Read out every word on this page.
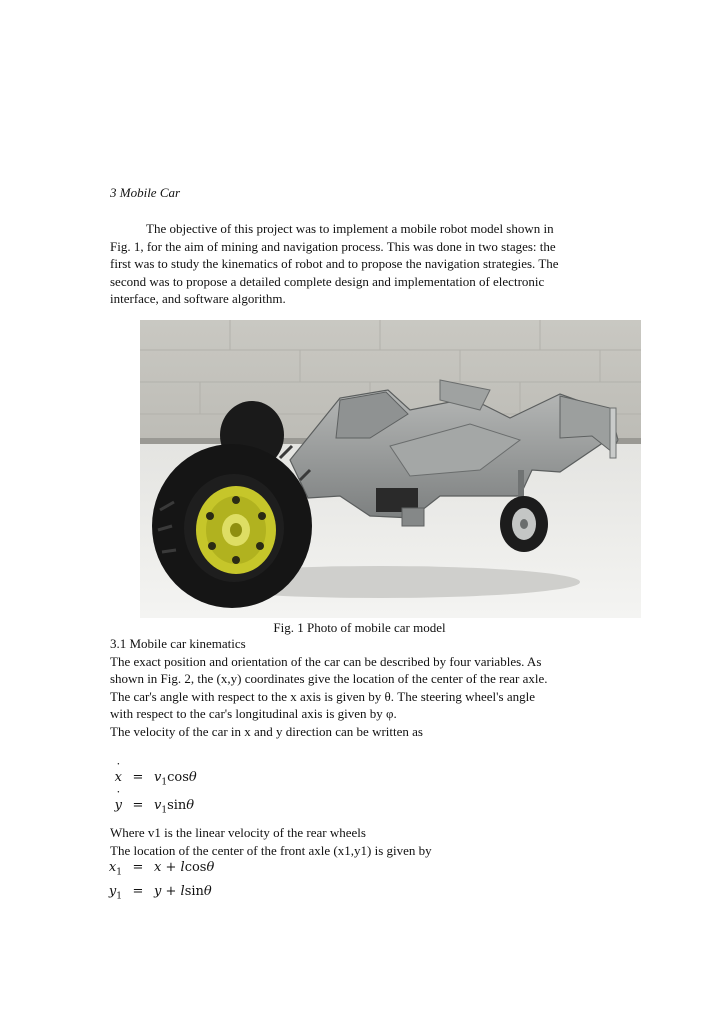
3 Mobile Car
The objective of this project was to implement a mobile robot model shown in
Fig. 1, for the aim of mining and navigation process. This was done in two stages: the
first was to study the kinematics of robot and to propose the navigation strategies. The
second was to propose a detailed complete design and implementation of electronic
interface, and software algorithm.
Fig. 1 Photo of mobile car model
3.1 Mobile car kinematics
The exact position and orientation of the car can be described by four variables. As
shown in Fig. 2, the (x,y) coordinates give the location of the center of the rear axle.
The car's angle with respect to the x axis is given by θ. The steering wheel's angle
with respect to the car's longitudinal axis is given by φ.
The velocity of the car in x and y direction can be written as
˙ $x = v_1\cos\theta$
˙ $y = v_1\sin\theta$
Where v1 is the linear velocity of the rear wheels
The location of the center of the front axle (x1,y1) is given by
$x_1 = x + lcos\theta$
$y_1 = y + lsin\theta$
